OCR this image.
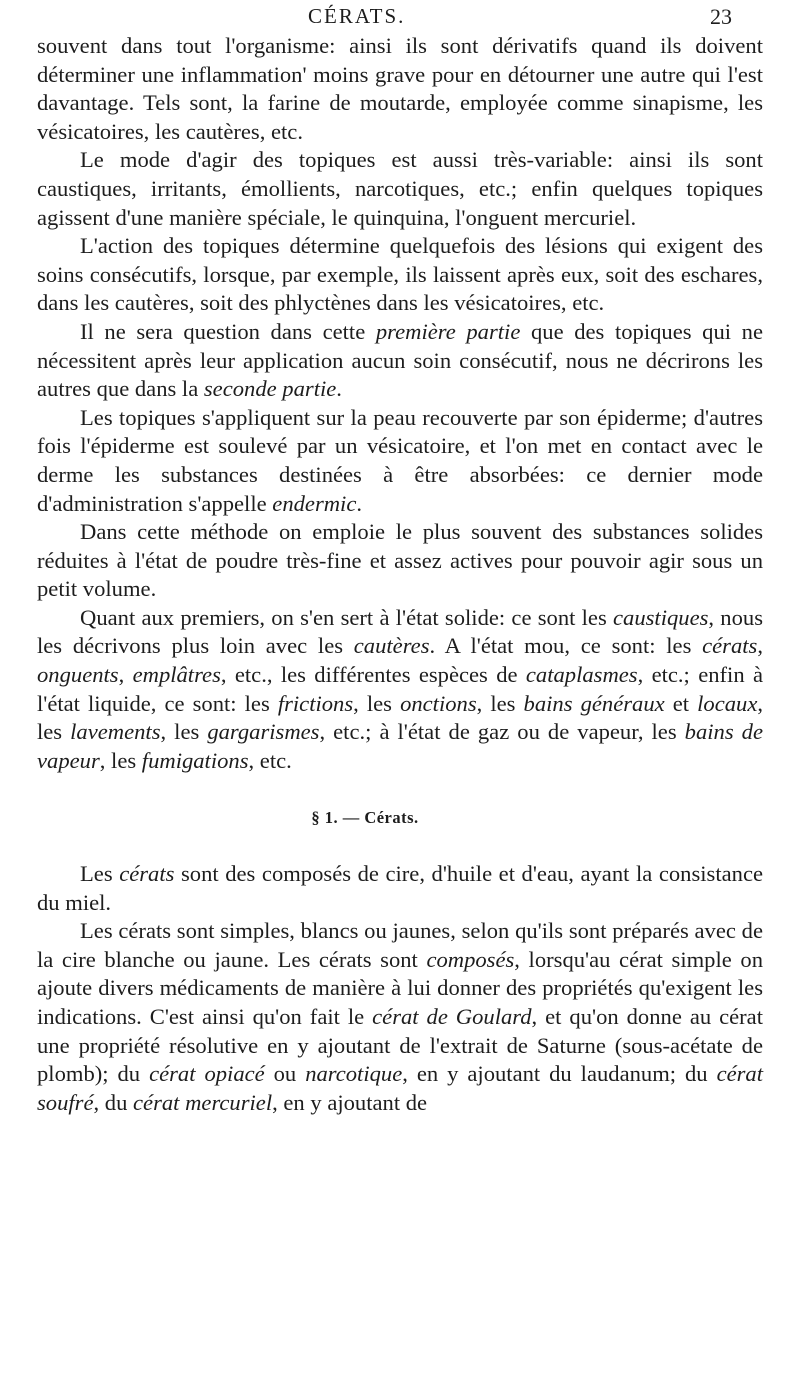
CÉRATS.	23

souvent dans tout l'organisme: ainsi ils sont dérivatifs quand ils doivent déterminer une inflammation' moins grave pour en détourner une autre qui l'est davantage. Tels sont, la farine de moutarde, employée comme sinapisme, les vésicatoires, les cautères, etc.

Le mode d'agir des topiques est aussi très-variable: ainsi ils sont caustiques, irritants, émollients, narcotiques, etc.; enfin quelques topiques agissent d'une manière spéciale, le quinquina, l'onguent mercuriel.

L'action des topiques détermine quelquefois des lésions qui exigent des soins consécutifs, lorsque, par exemple, ils laissent après eux, soit des eschares, dans les cautères, soit des phlyctènes dans les vésicatoires, etc.

Il ne sera question dans cette première partie que des topiques qui ne nécessitent après leur application aucun soin consécutif, nous ne décrirons les autres que dans la seconde partie.

Les topiques s'appliquent sur la peau recouverte par son épiderme; d'autres fois l'épiderme est soulevé par un vésicatoire, et l'on met en contact avec le derme les substances destinées à être absorbées: ce dernier mode d'administration s'appelle endermic.

Dans cette méthode on emploie le plus souvent des substances solides réduites à l'état de poudre très-fine et assez actives pour pouvoir agir sous un petit volume.

Quant aux premiers, on s'en sert à l'état solide: ce sont les caustiques, nous les décrivons plus loin avec les cautères. A l'état mou, ce sont: les cérats, onguents, emplâtres, etc., les différentes espèces de cataplasmes, etc.; enfin à l'état liquide, ce sont: les frictions, les onctions, les bains généraux et locaux, les lavements, les gargarismes, etc.; à l'état de gaz ou de vapeur, les bains de vapeur, les fumigations, etc.

§ 1. — Cérats.

Les cérats sont des composés de cire, d'huile et d'eau, ayant la consistance du miel.

Les cérats sont simples, blancs ou jaunes, selon qu'ils sont préparés avec de la cire blanche ou jaune. Les cérats sont composés, lorsqu'au cérat simple on ajoute divers médicaments de manière à lui donner des propriétés qu'exigent les indications. C'est ainsi qu'on fait le cérat de Goulard, et qu'on donne au cérat une propriété résolutive en y ajoutant de l'extrait de Saturne (sous-acétate de plomb); du cérat opiacé ou narcotique, en y ajoutant du laudanum; du cérat soufré, du cérat mercuriel, en y ajoutant de
